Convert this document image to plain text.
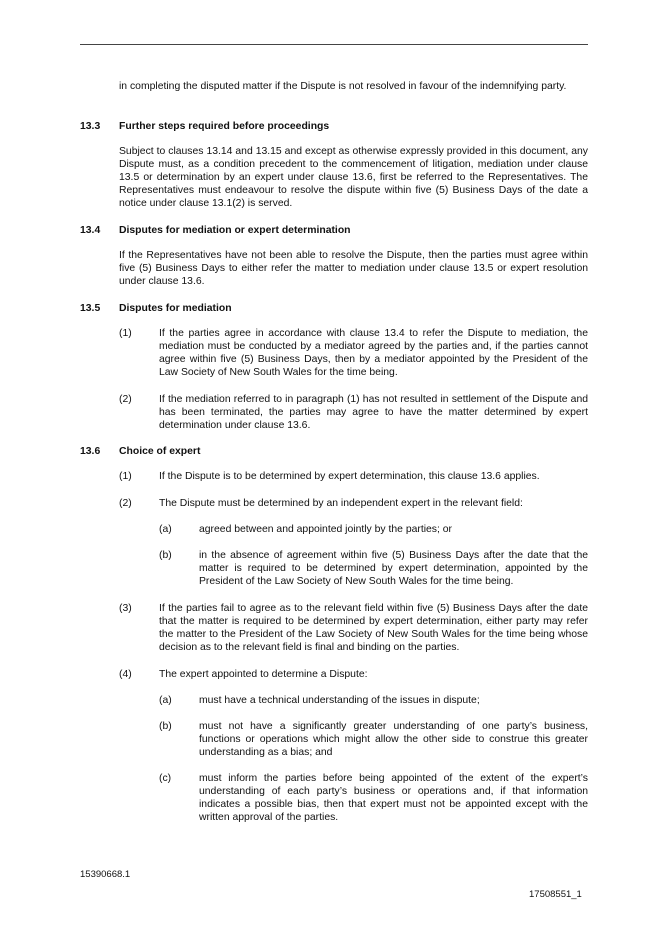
in completing the disputed matter if the Dispute is not resolved in favour of the indemnifying party.

13.3 Further steps required before proceedings

Subject to clauses 13.14 and 13.15 and except as otherwise expressly provided in this document, any Dispute must, as a condition precedent to the commencement of litigation, mediation under clause 13.5 or determination by an expert under clause 13.6, first be referred to the Representatives. The Representatives must endeavour to resolve the dispute within five (5) Business Days of the date a notice under clause 13.1(2) is served.

13.4 Disputes for mediation or expert determination

If the Representatives have not been able to resolve the Dispute, then the parties must agree within five (5) Business Days to either refer the matter to mediation under clause 13.5 or expert resolution under clause 13.6.

13.5 Disputes for mediation
(1)	If the parties agree in accordance with clause 13.4 to refer the Dispute to mediation, the mediation must be conducted by a mediator agreed by the parties and, if the parties cannot agree within five (5) Business Days, then by a mediator appointed by the President of the Law Society of New South Wales for the time being.

(2)	If the mediation referred to in paragraph (1) has not resulted in settlement of the Dispute and has been terminated, the parties may agree to have the matter determined by expert determination under clause 13.6.

13.6 Choice of expert
(1)	If the Dispute is to be determined by expert determination, this clause 13.6 applies.

(2)	The Dispute must be determined by an independent expert in the relevant field:

(a)	agreed between and appointed jointly by the parties; or

(b)	in the absence of agreement within five (5) Business Days after the date that the matter is required to be determined by expert determination, appointed by the President of the Law Society of New South Wales for the time being.

(3)	If the parties fail to agree as to the relevant field within five (5) Business Days after the date that the matter is required to be determined by expert determination, either party may refer the matter to the President of the Law Society of New South Wales for the time being whose decision as to the relevant field is final and binding on the parties.

(4)	The expert appointed to determine a Dispute:

(a)	must have a technical understanding of the issues in dispute;

(b)	must not have a significantly greater understanding of one party’s business, functions or operations which might allow the other side to construe this greater understanding as a bias; and

(c)	must inform the parties before being appointed of the extent of the expert’s understanding of each party’s business or operations and, if that information indicates a possible bias, then that expert must not be appointed except with the written approval of the parties.

15390668.1
17508551_1
